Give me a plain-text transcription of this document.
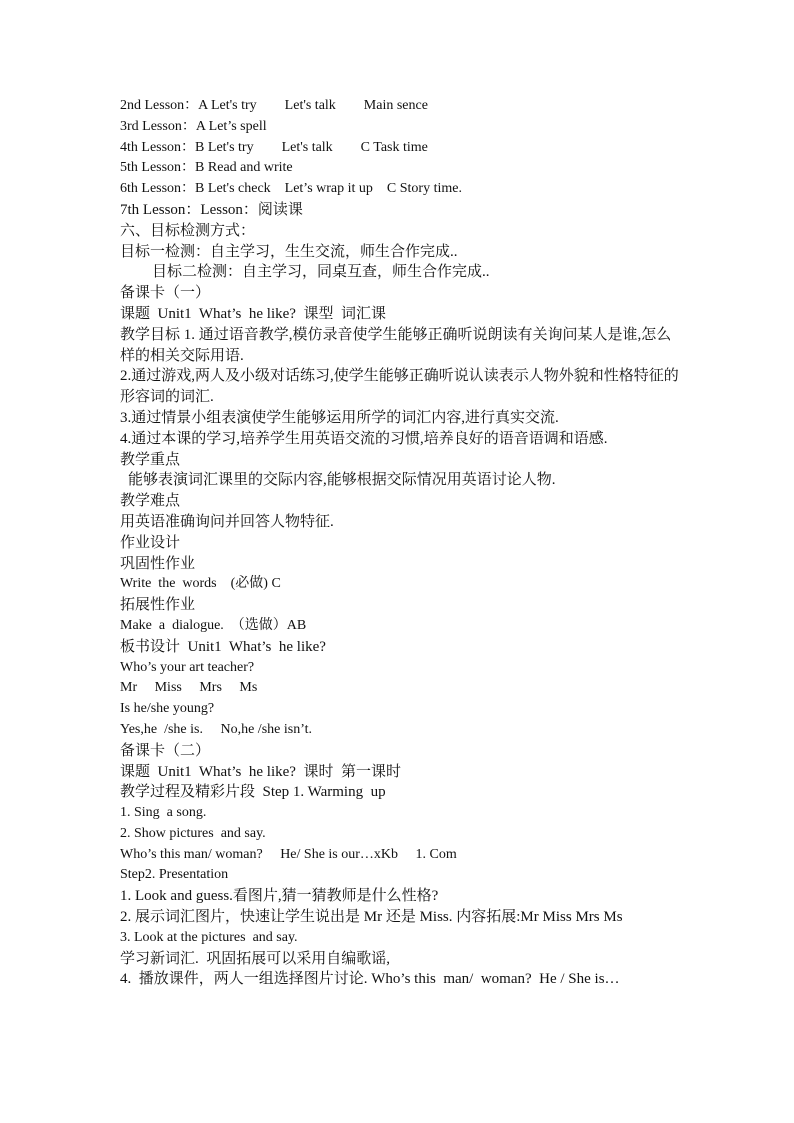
2nd Lesson：A Let's try        Let's talk        Main sence
3rd Lesson：A Let’s spell
4th Lesson：B Let's try        Let's talk        C Task time
5th Lesson：B Read and write
6th Lesson：B Let's check    Let’s wrap it up    C Story time.
7th Lesson：Lesson：阅读课
六、目标检测方式：
目标一检测：自主学习，生生交流，师生合作完成..
目标二检测：自主学习，同桌互查，师生合作完成..
备课卡（一）
课题  Unit1  What’s  he like?  课型  词汇课
教学目标 1. 通过语音教学,模仿录音使学生能够正确听说朗读有关询问某人是谁,怎么样的相关交际用语.
2.通过游戏,两人及小级对话练习,使学生能够正确听说认读表示人物外貌和性格特征的形容词的词汇.
3.通过情景小组表演使学生能够运用所学的词汇内容,进行真实交流.
4.通过本课的学习,培养学生用英语交流的习惯,培养良好的语音语调和语感.
教学重点
能够表演词汇课里的交际内容,能够根据交际情况用英语讨论人物.
教学难点
用英语准确询问并回答人物特征.
作业设计
巩固性作业
Write  the  words    (必做) C
拓展性作业
Make  a  dialogue.  （选做）AB
板书设计  Unit1  What’s  he like?
Who’s your art teacher?
Mr     Miss     Mrs     Ms
Is he/she young?
Yes,he  /she is.     No,he /she isn’t.
备课卡（二）
课题  Unit1  What’s  he like?  课时  第一课时
教学过程及精彩片段  Step 1. Warming  up
1. Sing  a song.
2. Show pictures  and say.
Who’s this man/ woman?     He/ She is our…xKb     1. Com
Step2. Presentation
1. Look and guess.看图片,猜一猜教师是什么性格?
2. 展示词汇图片，快速让学生说出是 Mr 还是 Miss. 内容拓展:Mr Miss Mrs Ms
3. Look at the pictures  and say.
学习新词汇.  巩固拓展可以采用自编歌谣,
4.  播放课件，两人一组选择图片讨论. Who’s this  man/  woman?  He / She is…
